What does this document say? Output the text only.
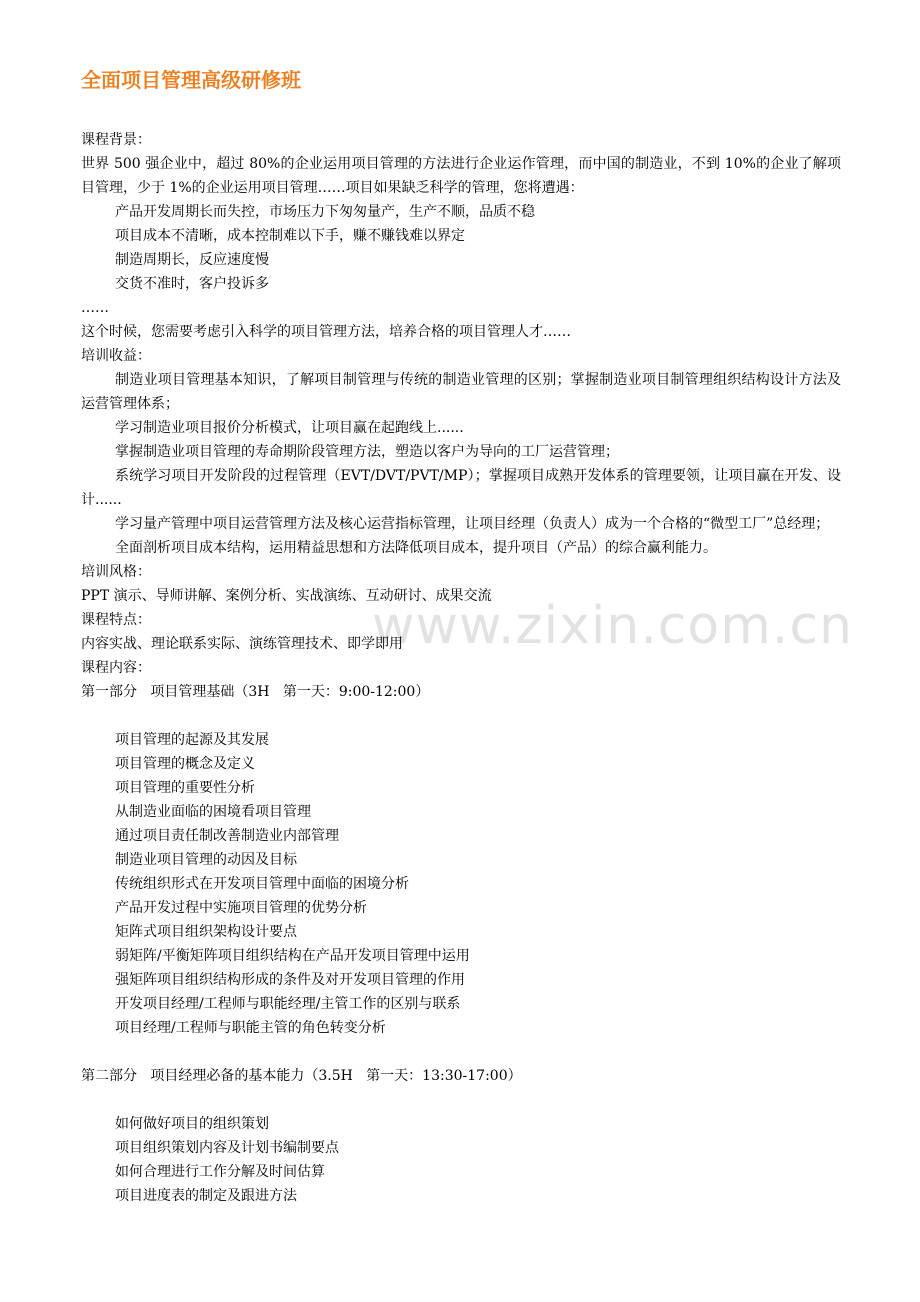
www.zixin.com.cn
全面项目管理高级研修班

课程背景：

世界 500 强企业中，超过 80%的企业运用项目管理的方法进行企业运作管理，而中国的制造业，不到 10%的企业了解项目管理，少于 1%的企业运用项目管理……项目如果缺乏科学的管理，您将遭遇：

产品开发周期长而失控，市场压力下匆匆量产，生产不顺，品质不稳

项目成本不清晰，成本控制难以下手，赚不赚钱难以界定

制造周期长，反应速度慢

交货不准时，客户投诉多

……

这个时候，您需要考虑引入科学的项目管理方法，培养合格的项目管理人才……

培训收益：

制造业项目管理基本知识，了解项目制管理与传统的制造业管理的区别；掌握制造业项目制管理组织结构设计方法及运营管理体系；

学习制造业项目报价分析模式，让项目赢在起跑线上......

掌握制造业项目管理的寿命期阶段管理方法，塑造以客户为导向的工厂运营管理；

系统学习项目开发阶段的过程管理（EVT/DVT/PVT/MP）；掌握项目成熟开发体系的管理要领，让项目赢在开发、设计......

学习量产管理中项目运营管理方法及核心运营指标管理，让项目经理（负责人）成为一个合格的“微型工厂”总经理；

全面剖析项目成本结构，运用精益思想和方法降低项目成本，提升项目（产品）的综合赢利能力。

培训风格：

PPT 演示、导师讲解、案例分析、实战演练、互动研讨、成果交流

课程特点：

内容实战、理论联系实际、演练管理技术、即学即用

课程内容：

第一部分   项目管理基础（3H   第一天：9:00-12:00）

项目管理的起源及其发展

项目管理的概念及定义

项目管理的重要性分析

从制造业面临的困境看项目管理

通过项目责任制改善制造业内部管理

制造业项目管理的动因及目标

传统组织形式在开发项目管理中面临的困境分析

产品开发过程中实施项目管理的优势分析

矩阵式项目组织架构设计要点

弱矩阵/平衡矩阵项目组织结构在产品开发项目管理中运用

强矩阵项目组织结构形成的条件及对开发项目管理的作用

开发项目经理/工程师与职能经理/主管工作的区别与联系

项目经理/工程师与职能主管的角色转变分析

第二部分   项目经理必备的基本能力（3.5H   第一天：13:30-17:00）

如何做好项目的组织策划

项目组织策划内容及计划书编制要点

如何合理进行工作分解及时间估算

项目进度表的制定及跟进方法
